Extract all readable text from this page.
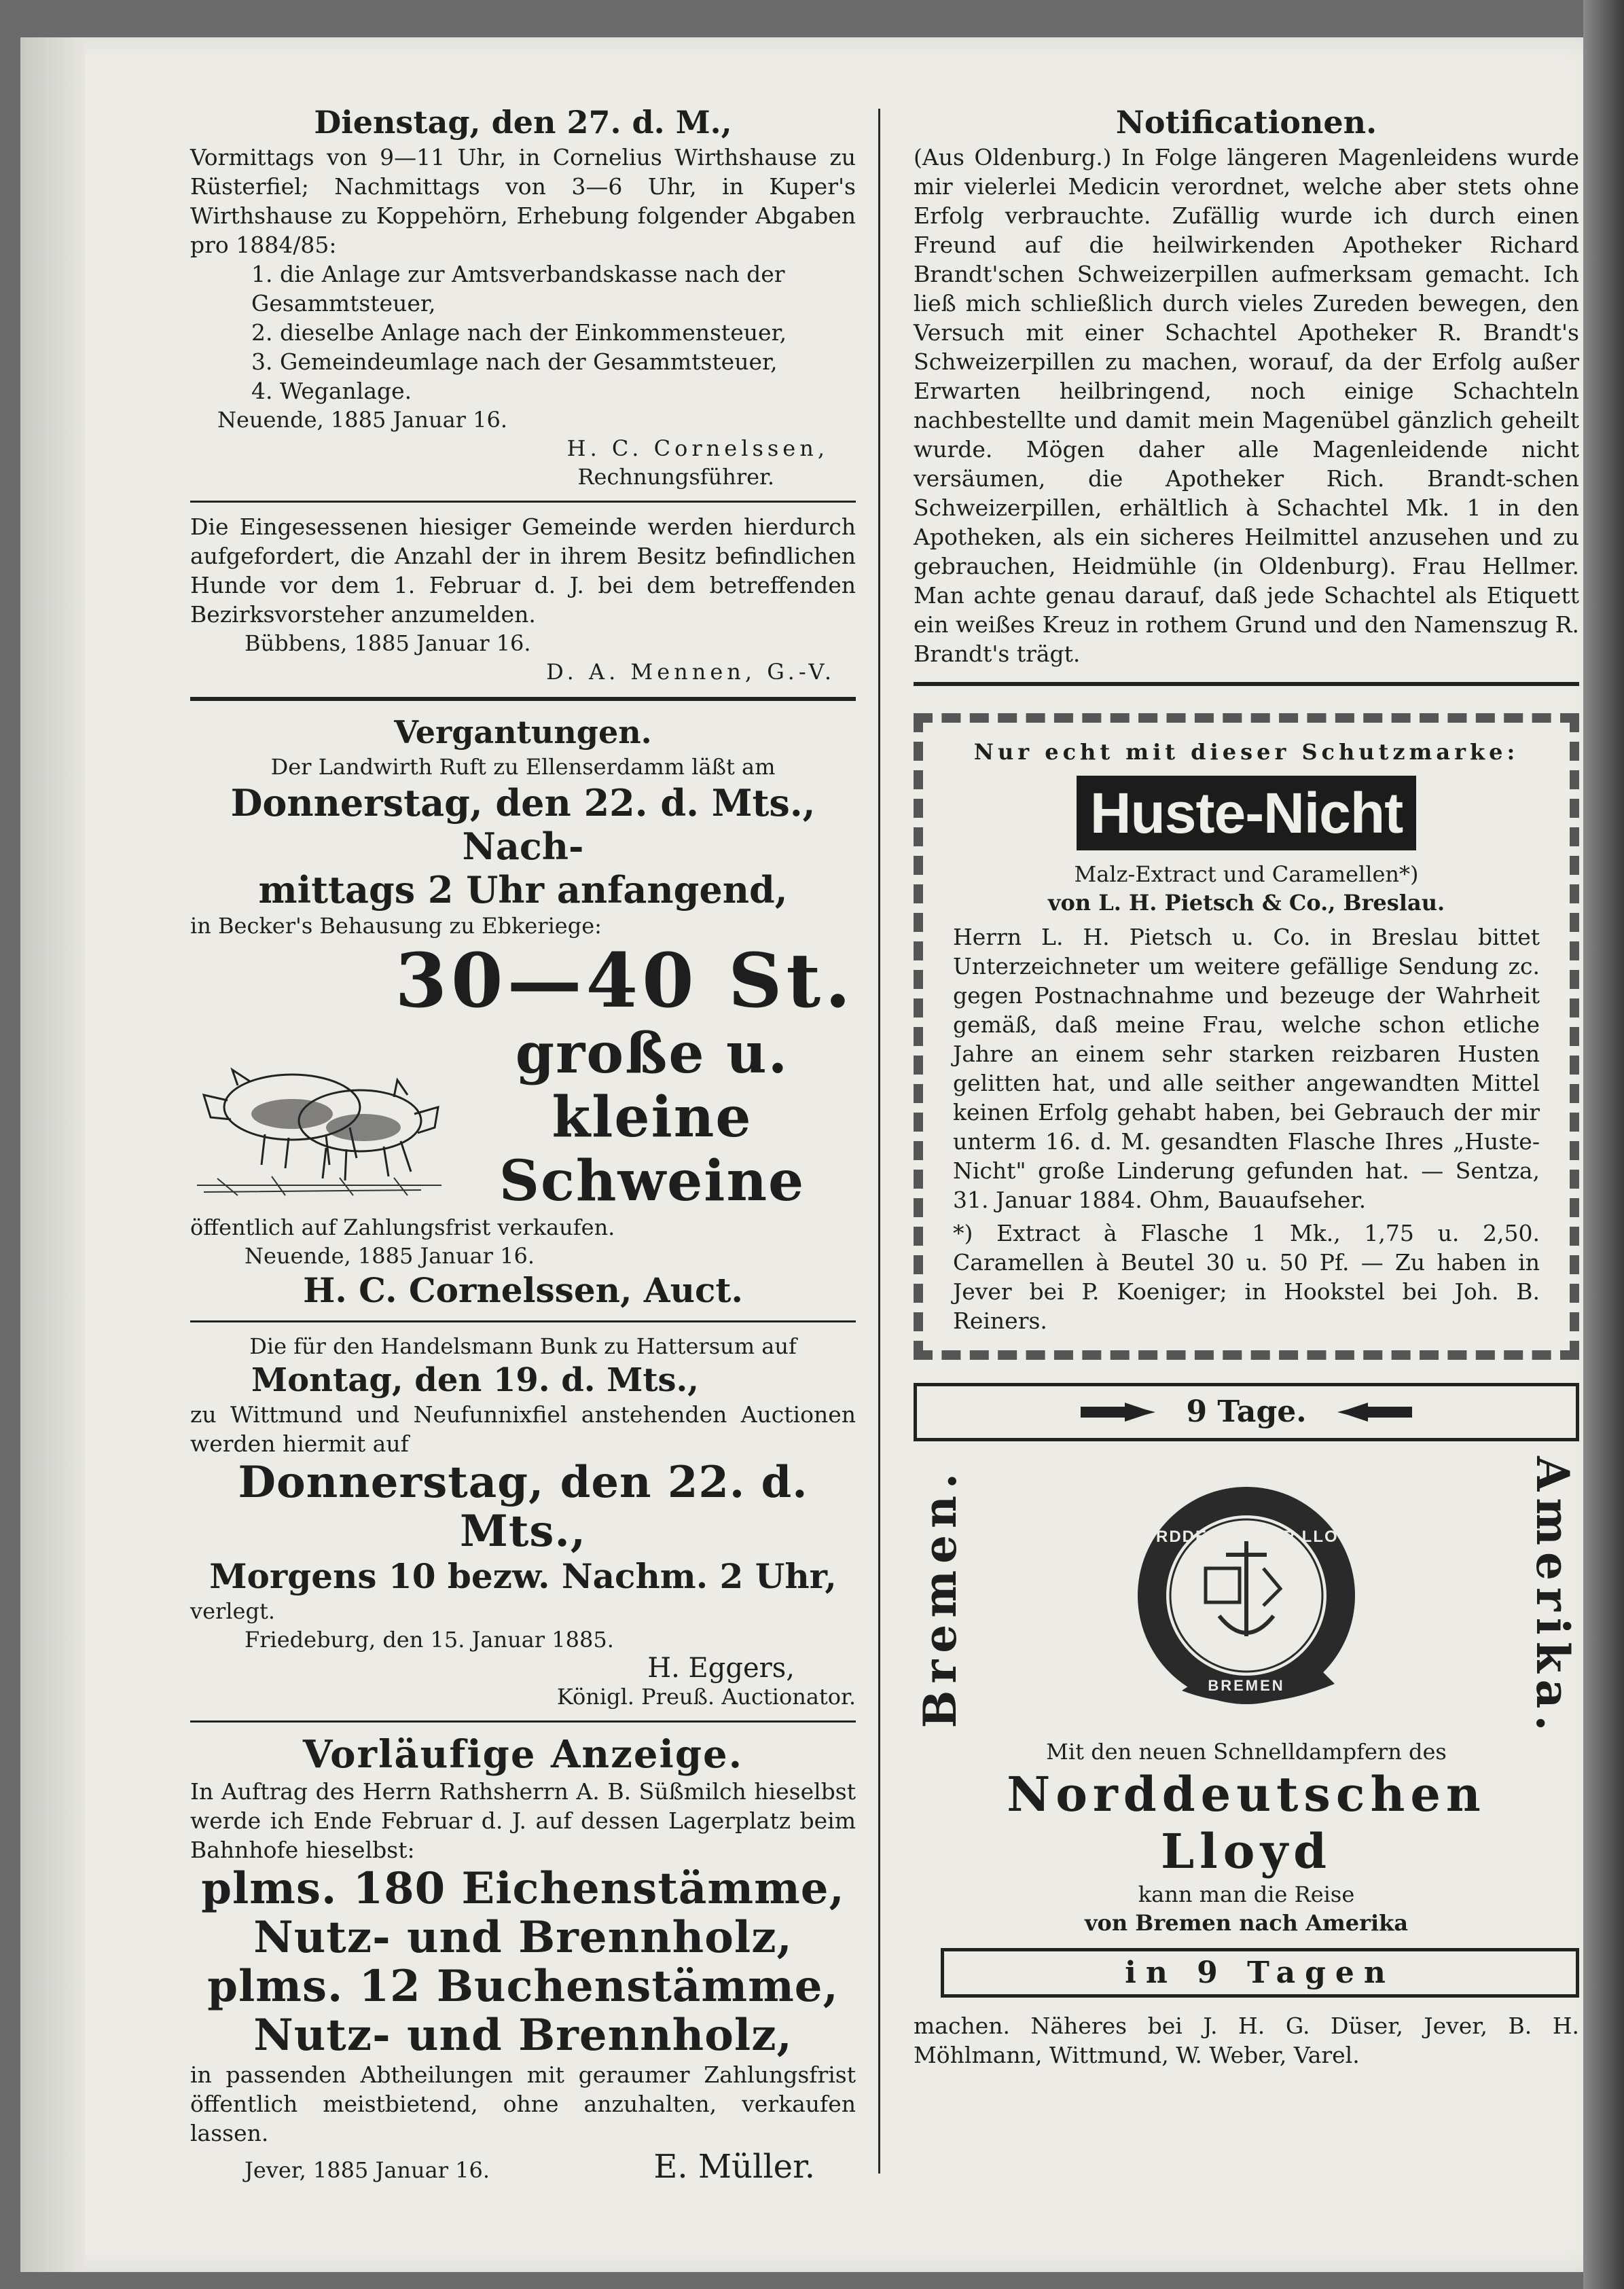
Dienstag, den 27. d. M.,

Vormittags von 9—11 Uhr, in Cornelius Wirthshause zu Rüsterfiel; Nachmittags von 3—6 Uhr, in Kuper's Wirthshause zu Koppehörn, Erhebung folgender Abgaben pro 1884/85:

1. die Anlage zur Amtsverbandskasse nach der Gesammtsteuer,

2. dieselbe Anlage nach der Einkommensteuer,

3. Gemeindeumlage nach der Gesammtsteuer,

4. Weganlage.

Neuende, 1885 Januar 16.

H. C. Cornelssen,

Rechnungsführer.

Die Eingesessenen hiesiger Gemeinde werden hierdurch aufgefordert, die Anzahl der in ihrem Besitz befindlichen Hunde vor dem 1. Februar d. J. bei dem betreffenden Bezirksvorsteher anzumelden.

Bübbens, 1885 Januar 16.

D. A. Mennen, G.-V.

Vergantungen.

Der Landwirth Ruft zu Ellenserdamm läßt am

Donnerstag, den 22. d. Mts., Nach-

mittags 2 Uhr anfangend,

in Becker's Behausung zu Ebkeriege:

30—40 St.

große u. kleine

Schweine

öffentlich auf Zahlungsfrist verkaufen.

Neuende, 1885 Januar 16.

H. C. Cornelssen, Auct.

Die für den Handelsmann Bunk zu Hattersum auf

Montag, den 19. d. Mts.,

zu Wittmund und Neufunnixfiel anstehenden Auctionen werden hiermit auf

Donnerstag, den 22. d. Mts.,

Morgens 10 bezw. Nachm. 2 Uhr,

verlegt.

Friedeburg, den 15. Januar 1885.

H. Eggers,

Königl. Preuß. Auctionator.

Vorläufige Anzeige.

In Auftrag des Herrn Rathsherrn A. B. Süßmilch hieselbst werde ich Ende Februar d. J. auf dessen Lagerplatz beim Bahnhofe hieselbst:

plms. 180 Eichenstämme,

Nutz- und Brennholz,

plms. 12 Buchenstämme,

Nutz- und Brennholz,

in passenden Abtheilungen mit geraumer Zahlungsfrist öffentlich meistbietend, ohne anzuhalten, verkaufen lassen.

Jever, 1885 Januar 16.	E. Müller.

Notificationen.

(Aus Oldenburg.) In Folge längeren Magenleidens wurde mir vielerlei Medicin verordnet, welche aber stets ohne Erfolg verbrauchte. Zufällig wurde ich durch einen Freund auf die heilwirkenden Apotheker Richard Brandt'schen Schweizerpillen aufmerksam gemacht. Ich ließ mich schließlich durch vieles Zureden bewegen, den Versuch mit einer Schachtel Apotheker R. Brandt's Schweizerpillen zu machen, worauf, da der Erfolg außer Erwarten heilbringend, noch einige Schachteln nachbestellte und damit mein Magenübel gänzlich geheilt wurde. Mögen daher alle Magenleidende nicht versäumen, die Apotheker Rich. Brandt-schen Schweizerpillen, erhältlich à Schachtel Mk. 1 in den Apotheken, als ein sicheres Heilmittel anzusehen und zu gebrauchen, Heidmühle (in Oldenburg). Frau Hellmer. Man achte genau darauf, daß jede Schachtel als Etiquett ein weißes Kreuz in rothem Grund und den Namenszug R. Brandt's trägt.

Nur echt mit dieser Schutzmarke:

Huste-Nicht

Malz-Extract und Caramellen*)

von L. H. Pietsch & Co., Breslau.

Herrn L. H. Pietsch u. Co. in Breslau bittet Unterzeichneter um weitere gefällige Sendung zc. gegen Postnachnahme und bezeuge der Wahrheit gemäß, daß meine Frau, welche schon etliche Jahre an einem sehr starken reizbaren Husten gelitten hat, und alle seither angewandten Mittel keinen Erfolg gehabt haben, bei Gebrauch der mir unterm 16. d. M. gesandten Flasche Ihres „Huste-Nicht" große Linderung gefunden hat. — Sentza, 31. Januar 1884. Ohm, Bauaufseher.

*) Extract à Flasche 1 Mk., 1,75 u. 2,50. Caramellen à Beutel 30 u. 50 Pf. — Zu haben in Jever bei P. Koeniger; in Hookstel bei Joh. B. Reiners.

9 Tage.
Bremen.	NORDDEUTSCHER LLOYD
BREMEN	Amerika.

Mit den neuen Schnelldampfern des

Norddeutschen Lloyd

kann man die Reise

von Bremen nach Amerika

in 9 Tagen

machen. Näheres bei J. H. G. Düser, Jever, B. H. Möhlmann, Wittmund, W. Weber, Varel.
